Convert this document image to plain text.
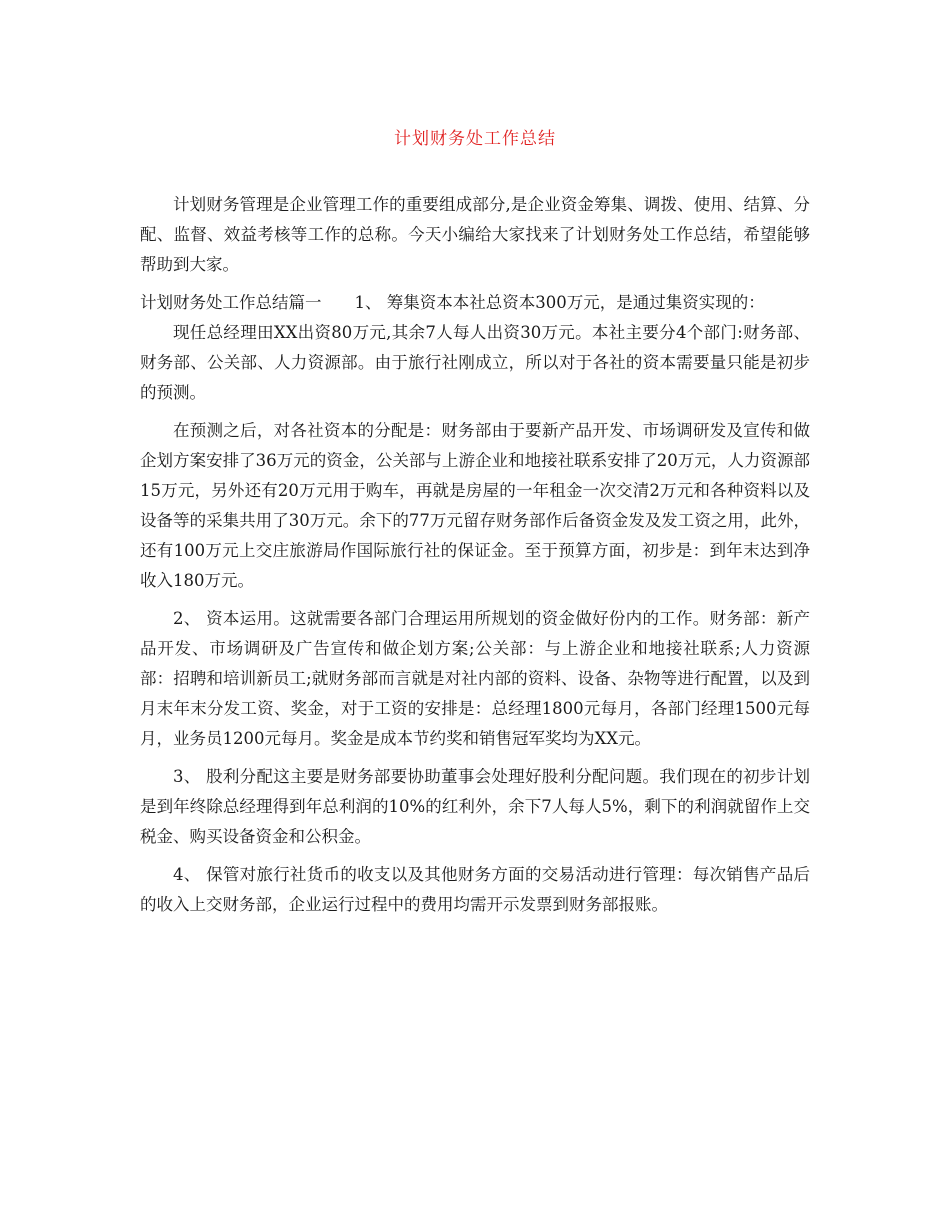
计划财务处工作总结

计划财务管理是企业管理工作的重要组成部分,是企业资金筹集、调拨、使用、结算、分配、监督、效益考核等工作的总称。今天小编给大家找来了计划财务处工作总结，希望能够帮助到大家。

计划财务处工作总结篇一　　1、 筹集资本本社总资本300万元，是通过集资实现的：

现任总经理田XX出资80万元,其余7人每人出资30万元。本社主要分4个部门:财务部、财务部、公关部、人力资源部。由于旅行社刚成立，所以对于各社的资本需要量只能是初步的预测。

在预测之后，对各社资本的分配是：财务部由于要新产品开发、市场调研发及宣传和做企划方案安排了36万元的资金，公关部与上游企业和地接社联系安排了20万元，人力资源部15万元，另外还有20万元用于购车，再就是房屋的一年租金一次交清2万元和各种资料以及设备等的采集共用了30万元。余下的77万元留存财务部作后备资金发及发工资之用，此外，还有100万元上交庄旅游局作国际旅行社的保证金。至于预算方面，初步是：到年末达到净收入180万元。

2、 资本运用。这就需要各部门合理运用所规划的资金做好份内的工作。财务部：新产品开发、市场调研及广告宣传和做企划方案;公关部：与上游企业和地接社联系;人力资源部：招聘和培训新员工;就财务部而言就是对社内部的资料、设备、杂物等进行配置，以及到月末年末分发工资、奖金，对于工资的安排是：总经理1800元每月，各部门经理1500元每月，业务员1200元每月。奖金是成本节约奖和销售冠军奖均为XX元。

3、 股利分配这主要是财务部要协助董事会处理好股利分配问题。我们现在的初步计划是到年终除总经理得到年总利润的10%的红利外，余下7人每人5%，剩下的利润就留作上交税金、购买设备资金和公积金。

4、 保管对旅行社货币的收支以及其他财务方面的交易活动进行管理：每次销售产品后的收入上交财务部，企业运行过程中的费用均需开示发票到财务部报账。
